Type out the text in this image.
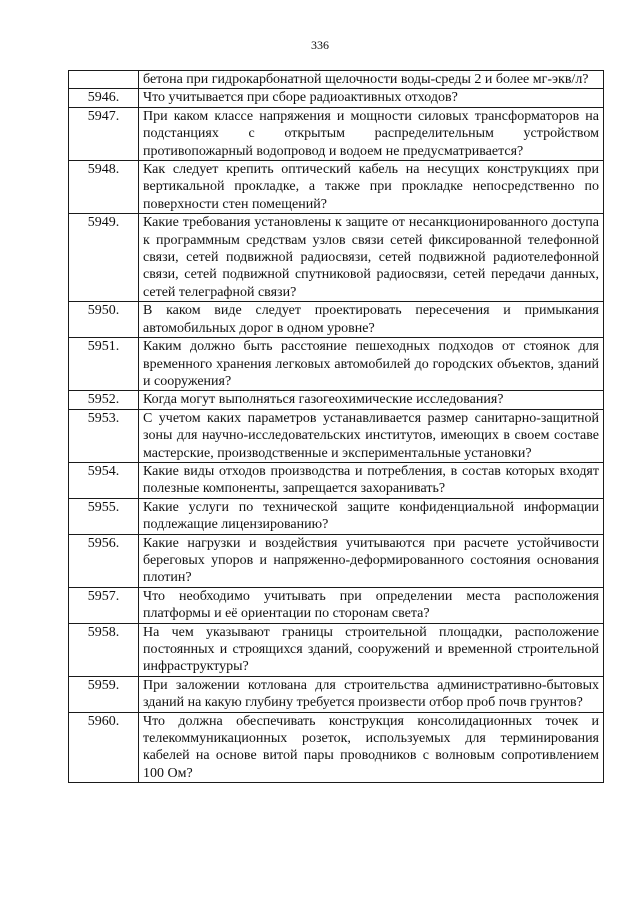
336
	бетона при гидрокарбонатной щелочности воды-среды 2 и более мг-экв/л?
5946.	Что учитывается при сборе радиоактивных отходов?
5947.	При каком классе напряжения и мощности силовых трансформаторов на подстанциях с открытым распределительным устройством противопожарный водопровод и водоем не предусматривается?
5948.	Как следует крепить оптический кабель на несущих конструкциях при вертикальной прокладке, а также при прокладке непосредственно по поверхности стен помещений?
5949.	Какие требования установлены к защите от несанкционированного доступа к программным средствам узлов связи сетей фиксированной телефонной связи, сетей подвижной радиосвязи, сетей подвижной радиотелефонной связи, сетей подвижной спутниковой радиосвязи, сетей передачи данных, сетей телеграфной связи?
5950.	В каком виде следует проектировать пересечения и примыкания автомобильных дорог в одном уровне?
5951.	Каким должно быть расстояние пешеходных подходов от стоянок для временного хранения легковых автомобилей до городских объектов, зданий и сооружения?
5952.	Когда могут выполняться газогеохимические исследования?
5953.	С учетом каких параметров устанавливается размер санитарно-защитной зоны для научно-исследовательских институтов, имеющих в своем составе мастерские, производственные и экспериментальные установки?
5954.	Какие виды отходов производства и потребления, в состав которых входят полезные компоненты, запрещается захоранивать?
5955.	Какие услуги по технической защите конфиденциальной информации подлежащие лицензированию?
5956.	Какие нагрузки и воздействия учитываются при расчете устойчивости береговых упоров и напряженно-деформированного состояния основания плотин?
5957.	Что необходимо учитывать при определении места расположения платформы и её ориентации по сторонам света?
5958.	На чем указывают границы строительной площадки, расположение постоянных и строящихся зданий, сооружений и временной строительной инфраструктуры?
5959.	При заложении котлована для строительства административно-бытовых зданий на какую глубину требуется произвести отбор проб почв грунтов?
5960.	Что должна обеспечивать конструкция консолидационных точек и телекоммуникационных розеток, используемых для терминирования кабелей на основе витой пары проводников с волновым сопротивлением 100 Ом?
